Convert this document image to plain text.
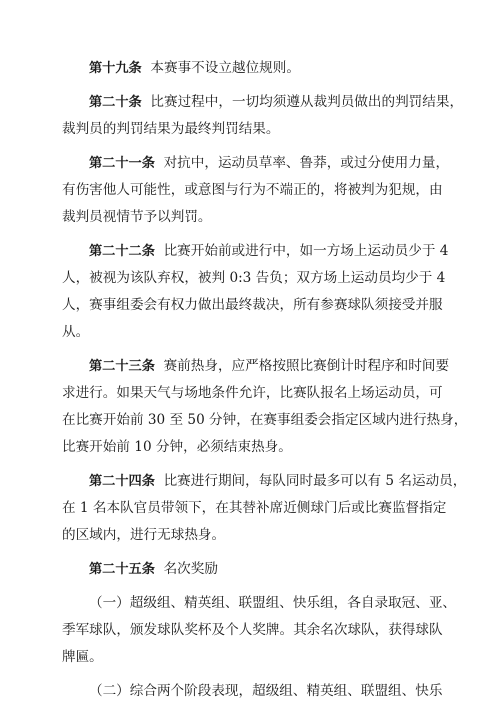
第十九条 本赛事不设立越位规则。
第二十条 比赛过程中，一切均须遵从裁判员做出的判罚结果，
裁判员的判罚结果为最终判罚结果。
第二十一条 对抗中，运动员草率、鲁莽，或过分使用力量，
有伤害他人可能性，或意图与行为不端正的，将被判为犯规，由
裁判员视情节予以判罚。
第二十二条 比赛开始前或进行中，如一方场上运动员少于 4
人，被视为该队弃权，被判 0:3 告负；双方场上运动员均少于 4
人，赛事组委会有权力做出最终裁决，所有参赛球队须接受并服
从。
第二十三条 赛前热身，应严格按照比赛倒计时程序和时间要
求进行。如果天气与场地条件允许，比赛队报名上场运动员，可
在比赛开始前 30 至 50 分钟，在赛事组委会指定区域内进行热身，
比赛开始前 10 分钟，必须结束热身。
第二十四条 比赛进行期间，每队同时最多可以有 5 名运动员，
在 1 名本队官员带领下，在其替补席近侧球门后或比赛监督指定
的区域内，进行无球热身。
第二十五条 名次奖励
（一）超级组、精英组、联盟组、快乐组，各自录取冠、亚、
季军球队，颁发球队奖杯及个人奖牌。其余名次球队，获得球队
牌匾。
（二）综合两个阶段表现，超级组、精英组、联盟组、快乐
